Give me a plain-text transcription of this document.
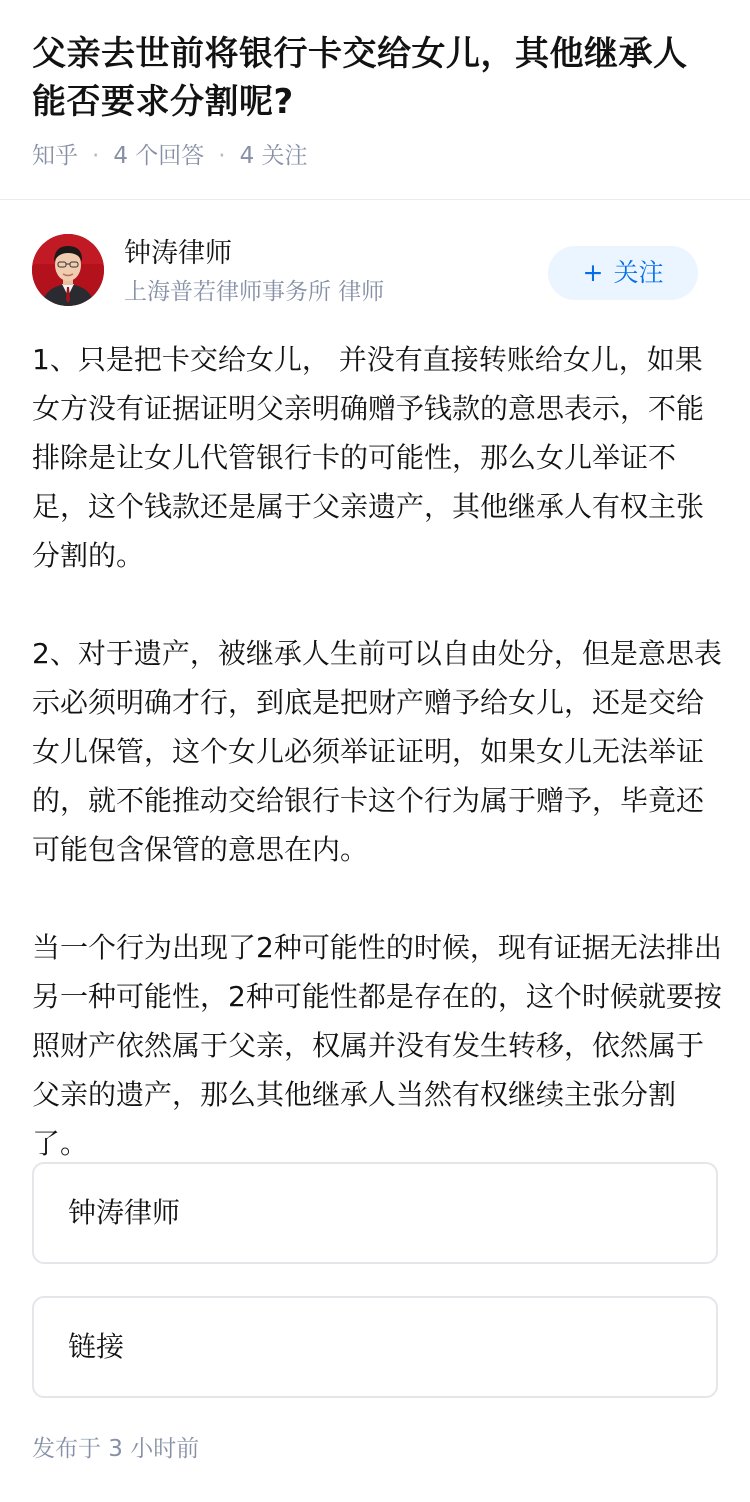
父亲去世前将银行卡交给女儿，其他继承人能否要求分割呢?
知乎 · 4 个回答 · 4 关注
钟涛律师
上海普若律师事务所 律师
+ 关注

1、只是把卡交给女儿， 并没有直接转账给女儿，如果女方没有证据证明父亲明确赠予钱款的意思表示，不能排除是让女儿代管银行卡的可能性，那么女儿举证不足，这个钱款还是属于父亲遗产，其他继承人有权主张分割的。

2、对于遗产，被继承人生前可以自由处分，但是意思表示必须明确才行，到底是把财产赠予给女儿，还是交给女儿保管，这个女儿必须举证证明，如果女儿无法举证的，就不能推动交给银行卡这个行为属于赠予，毕竟还可能包含保管的意思在内。

当一个行为出现了2种可能性的时候，现有证据无法排出另一种可能性，2种可能性都是存在的，这个时候就要按照财产依然属于父亲，权属并没有发生转移，依然属于父亲的遗产，那么其他继承人当然有权继续主张分割了。

钟涛律师
链接
发布于 3 小时前
